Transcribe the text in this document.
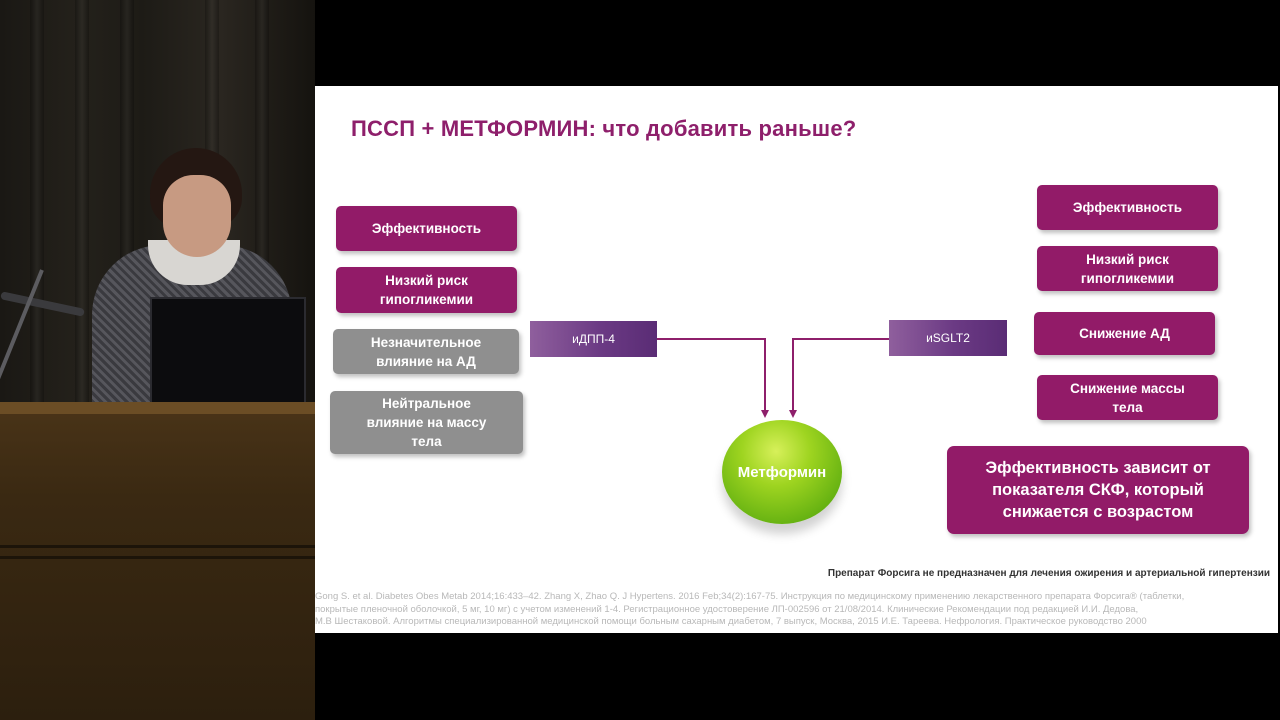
ПССП + МЕТФОРМИН: что добавить раньше?
Эффективность
Низкий риск
гипогликемии
Незначительное
влияние на АД
Нейтральное
влияние на массу
тела
иДПП-4	иSGLT2
Метформин
Эффективность
Низкий риск
гипогликемии
Снижение АД
Снижение массы
тела
Эффективность зависит от
показателя СКФ, который
снижается с возрастом
Препарат Форсига не предназначен для лечения ожирения и артериальной гипертензии
Gong S. et al. Diabetes Obes Metab 2014;16:433–42. Zhang X, Zhao Q. J Hypertens. 2016 Feb;34(2):167-75. Инструкция по медицинскому применению лекарственного препарата Форсига® (таблетки,
покрытые пленочной оболочкой, 5 мг, 10 мг) с учетом изменений 1-4. Регистрационное удостоверение ЛП-002596 от 21/08/2014. Клинические Рекомендации под редакцией И.И. Дедова,
М.В Шестаковой. Алгоритмы специализированной медицинской помощи больным сахарным диабетом, 7 выпуск, Москва, 2015 И.Е. Тареева. Нефрология. Практическое руководство 2000
